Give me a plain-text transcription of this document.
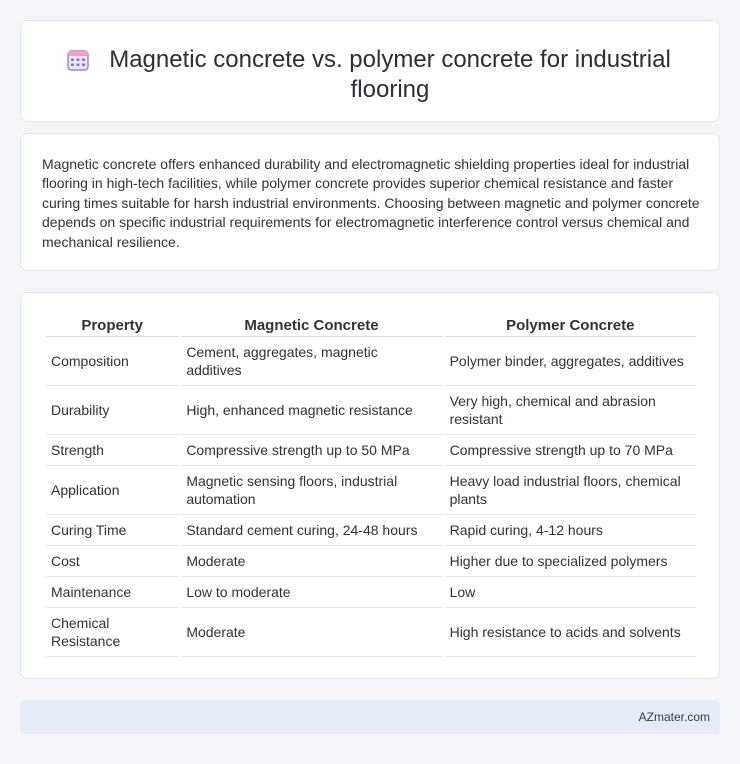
Magnetic concrete vs. polymer concrete for industrial flooring

Magnetic concrete offers enhanced durability and electromagnetic shielding properties ideal for industrial flooring in high-tech facilities, while polymer concrete provides superior chemical resistance and faster curing times suitable for harsh industrial environments. Choosing between magnetic and polymer concrete depends on specific industrial requirements for electromagnetic interference control versus chemical and mechanical resilience.

Property	Magnetic Concrete	Polymer Concrete
Composition	Cement, aggregates, magnetic additives	Polymer binder, aggregates, additives
Durability	High, enhanced magnetic resistance	Very high, chemical and abrasion resistant
Strength	Compressive strength up to 50 MPa	Compressive strength up to 70 MPa
Application	Magnetic sensing floors, industrial automation	Heavy load industrial floors, chemical plants
Curing Time	Standard cement curing, 24-48 hours	Rapid curing, 4-12 hours
Cost	Moderate	Higher due to specialized polymers
Maintenance	Low to moderate	Low
Chemical Resistance	Moderate	High resistance to acids and solvents
AZmater.com
